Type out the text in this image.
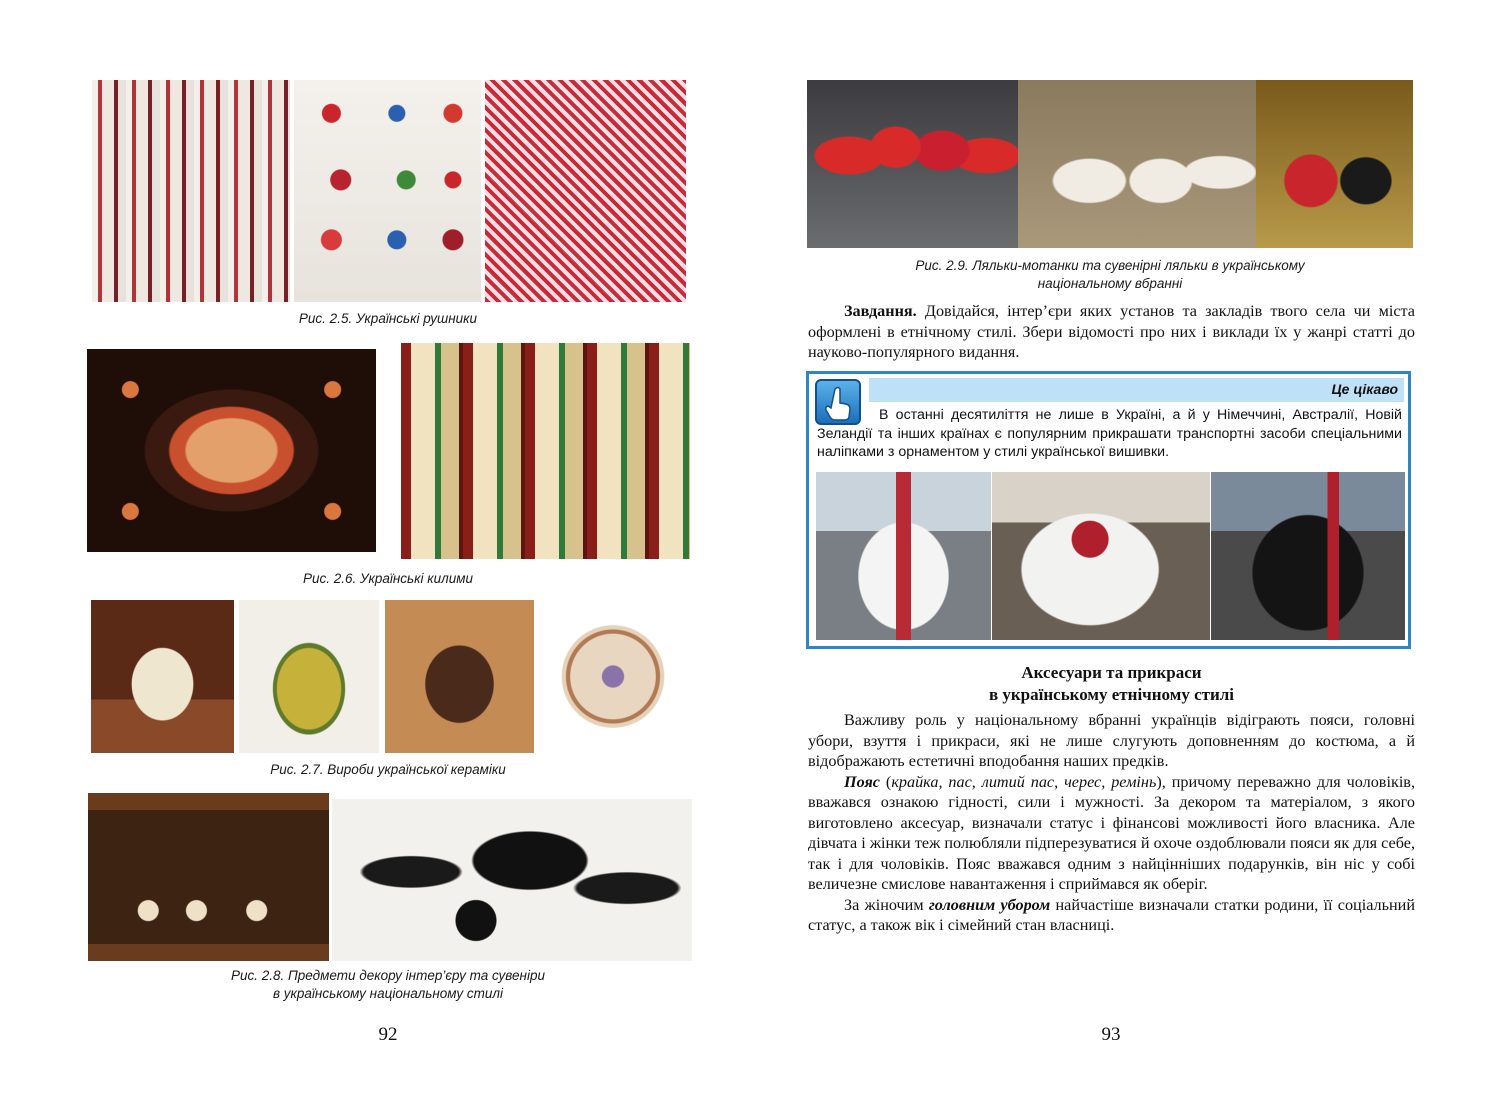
Рис. 2.5. Українські рушники
Рис. 2.6. Українські килими
Рис. 2.7. Вироби української кераміки
Рис. 2.8. Предмети декору інтер’єру та сувеніри
в українському національному стилі
92
Рис. 2.9. Ляльки-мотанки та сувенірні ляльки в українському
національному вбранні

Завдання. Довідайся, інтер’єри яких установ та закладів твого села чи міста оформлені в етнічному стилі. Збери відомості про них і виклади їх у жанрі статті до науково-популярного видання.

Це цікаво

В останні десятиліття не лише в Україні, а й у Німеччині, Австралії, Новій Зеландії та інших країнах є популярним прикрашати транспортні засоби спеціальними наліпками з орнаментом у стилі української вишивки.

Аксесуари та прикраси
в українському етнічному стилі

Важливу роль у національному вбранні українців відіграють пояси, головні убори, взуття і прикраси, які не лише слугують доповненням до костюма, а й відображають естетичні вподобання наших предків.

Пояс (крайка, пас, литий пас, черес, ремінь), причому переважно для чоловіків, вважався ознакою гідності, сили і мужності. За декором та матеріалом, з якого виготовлено аксесуар, визначали статус і фінансові можливості його власника. Але дівчата і жінки теж полюбляли підперезуватися й охоче оздоблювали пояси як для себе, так і для чоловіків. Пояс вважався одним з найцінніших подарунків, він ніс у собі величезне смислове навантаження і сприймався як оберіг.

За жіночим головним убором найчастіше визначали статки родини, її соціальний статус, а також вік і сімейний стан власниці.

93
